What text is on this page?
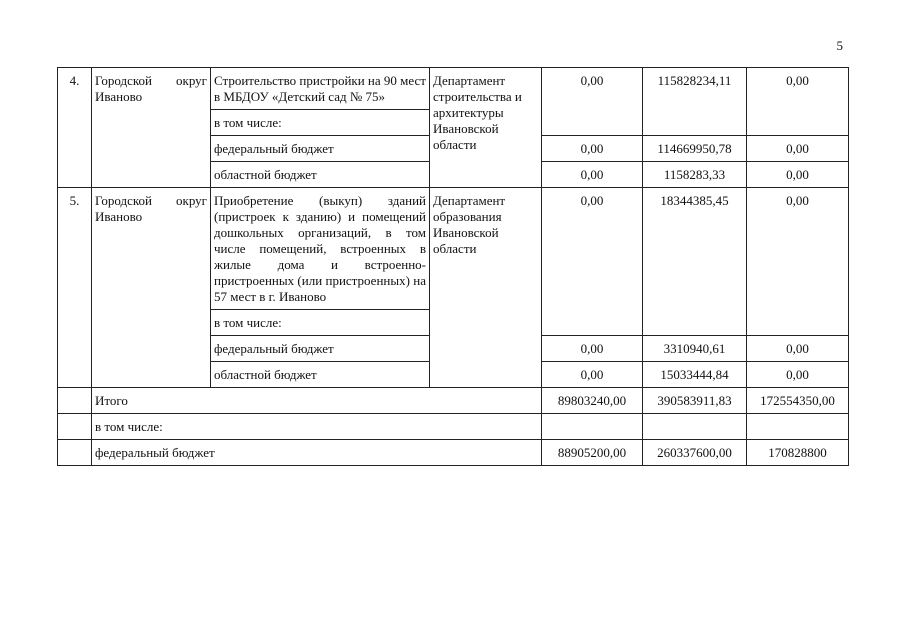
5
4.	Городской округ Иваново	Строительство пристройки на 90 мест в МБДОУ «Детский сад № 75»	Департамент строительства и архитектуры Ивановской области	0,00	115828234,11	0,00
		в том числе:				
		федеральный бюджет		0,00	114669950,78	0,00
		областной бюджет		0,00	1158283,33	0,00
5.	Городской округ Иваново	Приобретение (выкуп) зданий (пристроек к зданию) и помещений дошкольных организаций, в том числе помещений, встроенных в жилые дома и встроенно-пристроенных (или пристроенных) на 57 мест в г. Иваново	Департамент образования Ивановской области	0,00	18344385,45	0,00
		в том числе:				
		федеральный бюджет		0,00	3310940,61	0,00
		областной бюджет		0,00	15033444,84	0,00
	Итого			89803240,00	390583911,83	172554350,00
	в том числе:					
	федеральный бюджет			88905200,00	260337600,00	170828800
